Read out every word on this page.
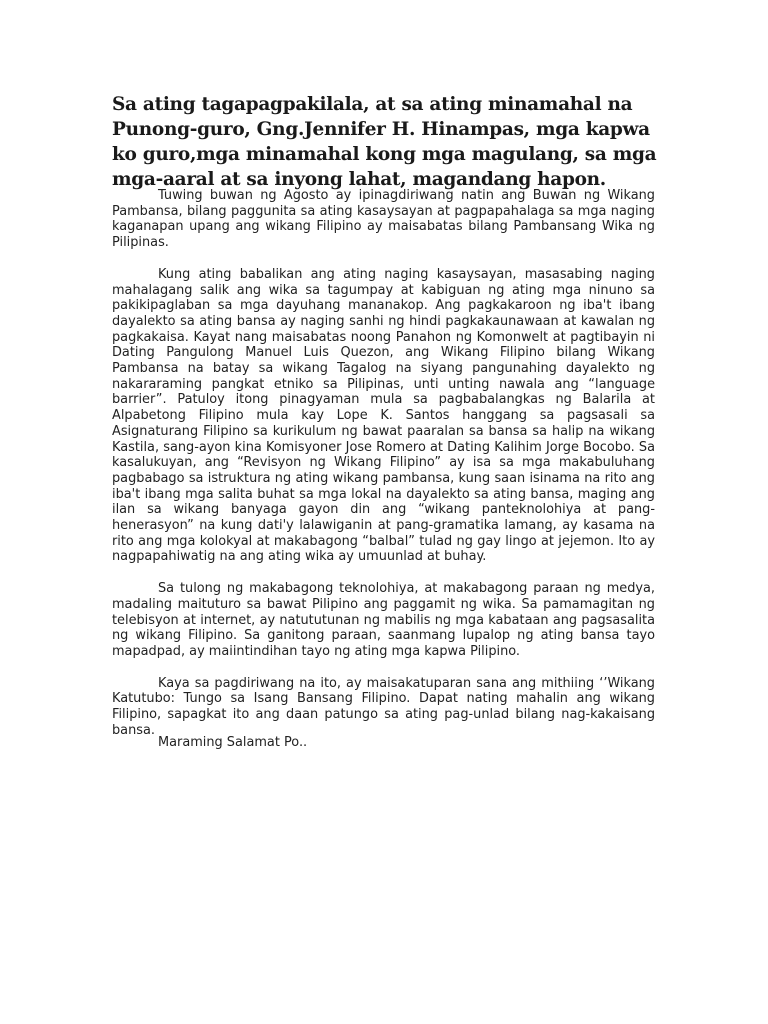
Sa ating tagapagpakilala, at sa ating minamahal na Punong-guro, Gng.Jennifer H. Hinampas, mga kapwa ko guro,mga minamahal kong mga magulang, sa mga mga-aaral at sa inyong lahat, magandang hapon.

Tuwing buwan ng Agosto ay ipinagdiriwang natin ang Buwan ng Wikang Pambansa, bilang paggunita sa ating kasaysayan at pagpapahalaga sa mga naging kaganapan upang ang wikang Filipino ay maisabatas bilang Pambansang Wika ng Pilipinas.

Kung ating babalikan ang ating naging kasaysayan, masasabing naging mahalagang salik ang wika sa tagumpay at kabiguan ng ating mga ninuno sa pakikipaglaban sa mga dayuhang mananakop. Ang pagkakaroon ng iba't ibang dayalekto sa ating bansa ay naging sanhi ng hindi pagkakaunawaan at kawalan ng pagkakaisa. Kayat nang maisabatas noong Panahon ng Komonwelt at pagtibayin ni Dating Pangulong Manuel Luis Quezon, ang Wikang Filipino bilang Wikang Pambansa na batay sa wikang Tagalog na siyang pangunahing dayalekto ng nakararaming pangkat etniko sa Pilipinas, unti unting nawala ang “language barrier”. Patuloy itong pinagyaman mula sa pagbabalangkas ng Balarila at Alpabetong Filipino mula kay Lope K. Santos hanggang sa pagsasali sa Asignaturang Filipino sa kurikulum ng bawat paaralan sa bansa sa halip na wikang Kastila, sang-ayon kina Komisyoner Jose Romero at Dating Kalihim Jorge Bocobo. Sa kasalukuyan, ang “Revisyon ng Wikang Filipino” ay isa sa mga makabuluhang pagbabago sa istruktura ng ating wikang pambansa, kung saan isinama na rito ang iba't ibang mga salita buhat sa mga lokal na dayalekto sa ating bansa, maging ang ilan sa wikang banyaga gayon din ang “wikang panteknolohiya at pang-henerasyon” na kung dati'y lalawiganin at pang-gramatika lamang, ay kasama na rito ang mga kolokyal at makabagong “balbal” tulad ng gay lingo at jejemon. Ito ay nagpapahiwatig na ang ating wika ay umuunlad at buhay.

Sa tulong ng makabagong teknolohiya, at makabagong paraan ng medya, madaling maituturo sa bawat Pilipino ang paggamit ng wika. Sa pamamagitan ng telebisyon at internet, ay natututunan ng mabilis ng mga kabataan ang pagsasalita ng wikang Filipino. Sa ganitong paraan, saanmang lupalop ng ating bansa tayo mapadpad, ay maiintindihan tayo ng ating mga kapwa Pilipino.

Kaya sa pagdiriwang na ito, ay maisakatuparan sana ang mithiing ‘’Wikang Katutubo: Tungo sa Isang Bansang Filipino. Dapat nating mahalin ang wikang Filipino, sapagkat ito ang daan patungo sa ating pag-unlad bilang nag-kakaisang bansa.

Maraming Salamat Po..
